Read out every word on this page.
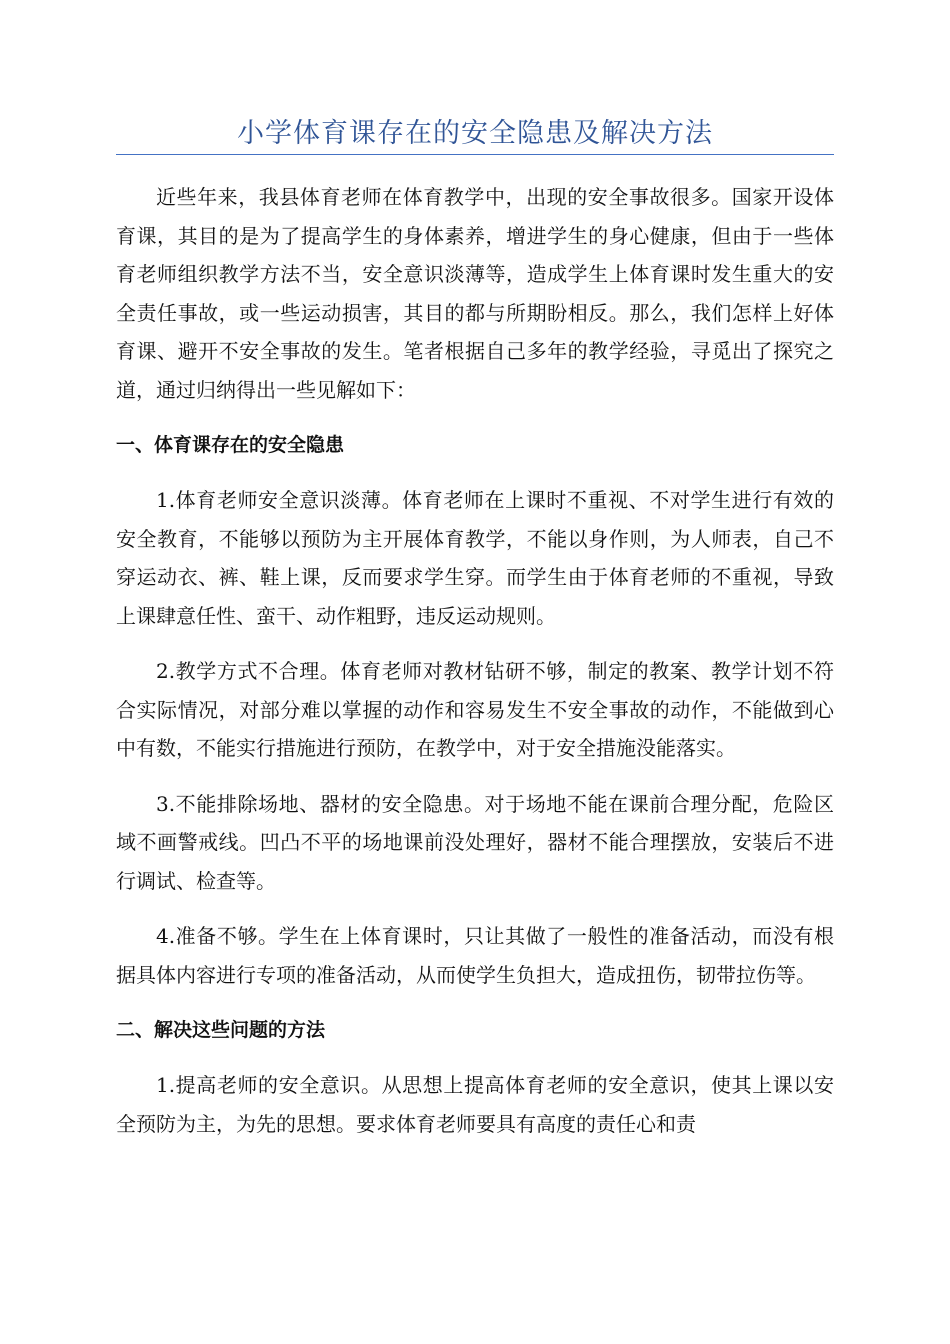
小学体育课存在的安全隐患及解决方法

近些年来，我县体育老师在体育教学中，出现的安全事故很多。国家开设体育课，其目的是为了提高学生的身体素养，增进学生的身心健康，但由于一些体育老师组织教学方法不当，安全意识淡薄等，造成学生上体育课时发生重大的安全责任事故，或一些运动损害，其目的都与所期盼相反。那么，我们怎样上好体育课、避开不安全事故的发生。笔者根据自己多年的教学经验，寻觅出了探究之道，通过归纳得出一些见解如下：

一、体育课存在的安全隐患

1.体育老师安全意识淡薄。体育老师在上课时不重视、不对学生进行有效的安全教育，不能够以预防为主开展体育教学，不能以身作则，为人师表，自己不穿运动衣、裤、鞋上课，反而要求学生穿。而学生由于体育老师的不重视，导致上课肆意任性、蛮干、动作粗野，违反运动规则。

2.教学方式不合理。体育老师对教材钻研不够，制定的教案、教学计划不符合实际情况，对部分难以掌握的动作和容易发生不安全事故的动作，不能做到心中有数，不能实行措施进行预防，在教学中，对于安全措施没能落实。

3.不能排除场地、器材的安全隐患。对于场地不能在课前合理分配，危险区域不画警戒线。凹凸不平的场地课前没处理好，器材不能合理摆放，安装后不进行调试、检查等。

4.准备不够。学生在上体育课时，只让其做了一般性的准备活动，而没有根据具体内容进行专项的准备活动，从而使学生负担大，造成扭伤，韧带拉伤等。

二、解决这些问题的方法

1.提高老师的安全意识。从思想上提高体育老师的安全意识，使其上课以安全预防为主，为先的思想。要求体育老师要具有高度的责任心和责
